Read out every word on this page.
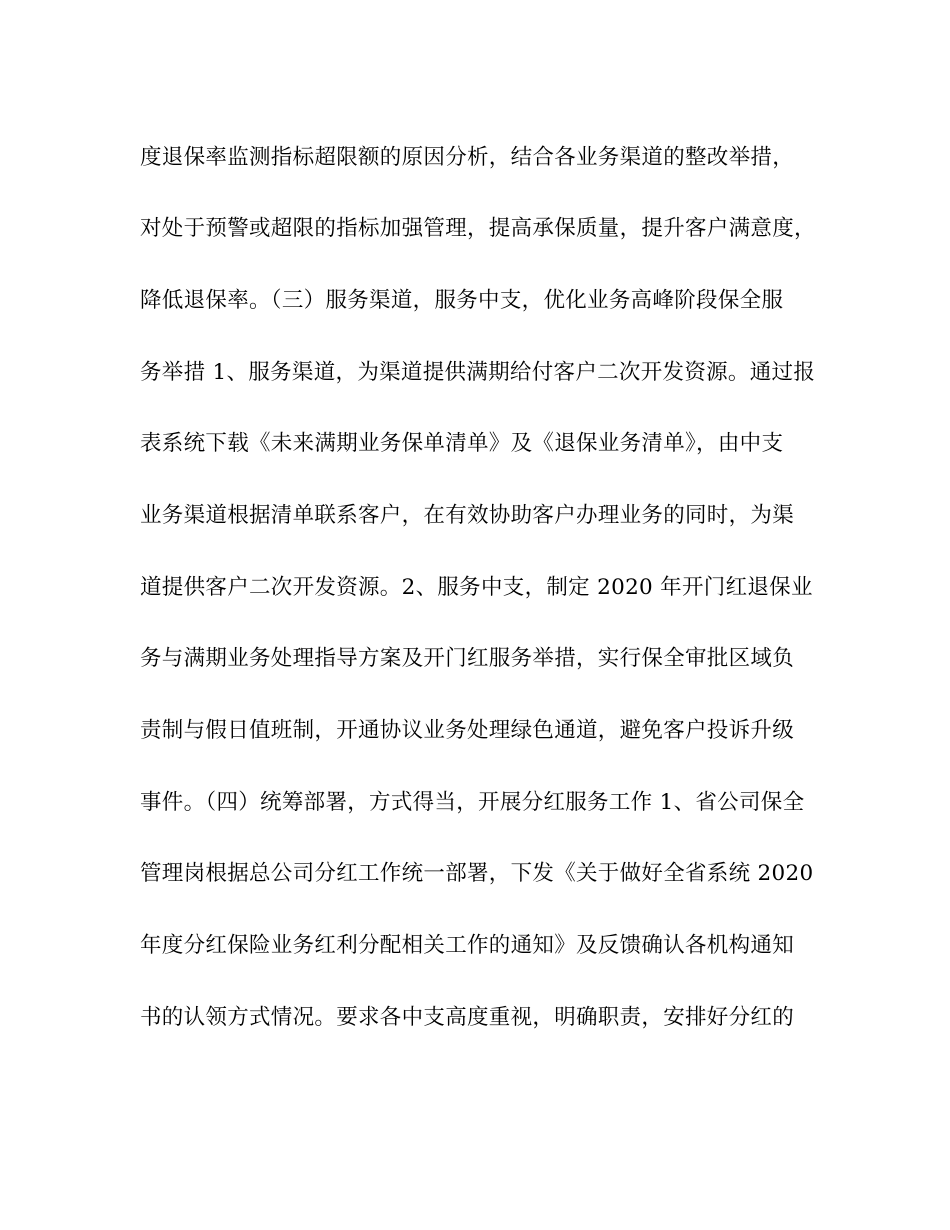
度退保率监测指标超限额的原因分析，结合各业务渠道的整改举措，
对处于预警或超限的指标加强管理，提高承保质量，提升客户满意度，
降低退保率。（三）服务渠道，服务中支，优化业务高峰阶段保全服
务举措 1、服务渠道，为渠道提供满期给付客户二次开发资源。通过报
表系统下载《未来满期业务保单清单》及《退保业务清单》，由中支
业务渠道根据清单联系客户，在有效协助客户办理业务的同时，为渠
道提供客户二次开发资源。2、服务中支，制定 2020 年开门红退保业
务与满期业务处理指导方案及开门红服务举措，实行保全审批区域负
责制与假日值班制，开通协议业务处理绿色通道，避免客户投诉升级
事件。（四）统筹部署，方式得当，开展分红服务工作 1、省公司保全
管理岗根据总公司分红工作统一部署，下发《关于做好全省系统 2020
年度分红保险业务红利分配相关工作的通知》及反馈确认各机构通知
书的认领方式情况。要求各中支高度重视，明确职责，安排好分红的
